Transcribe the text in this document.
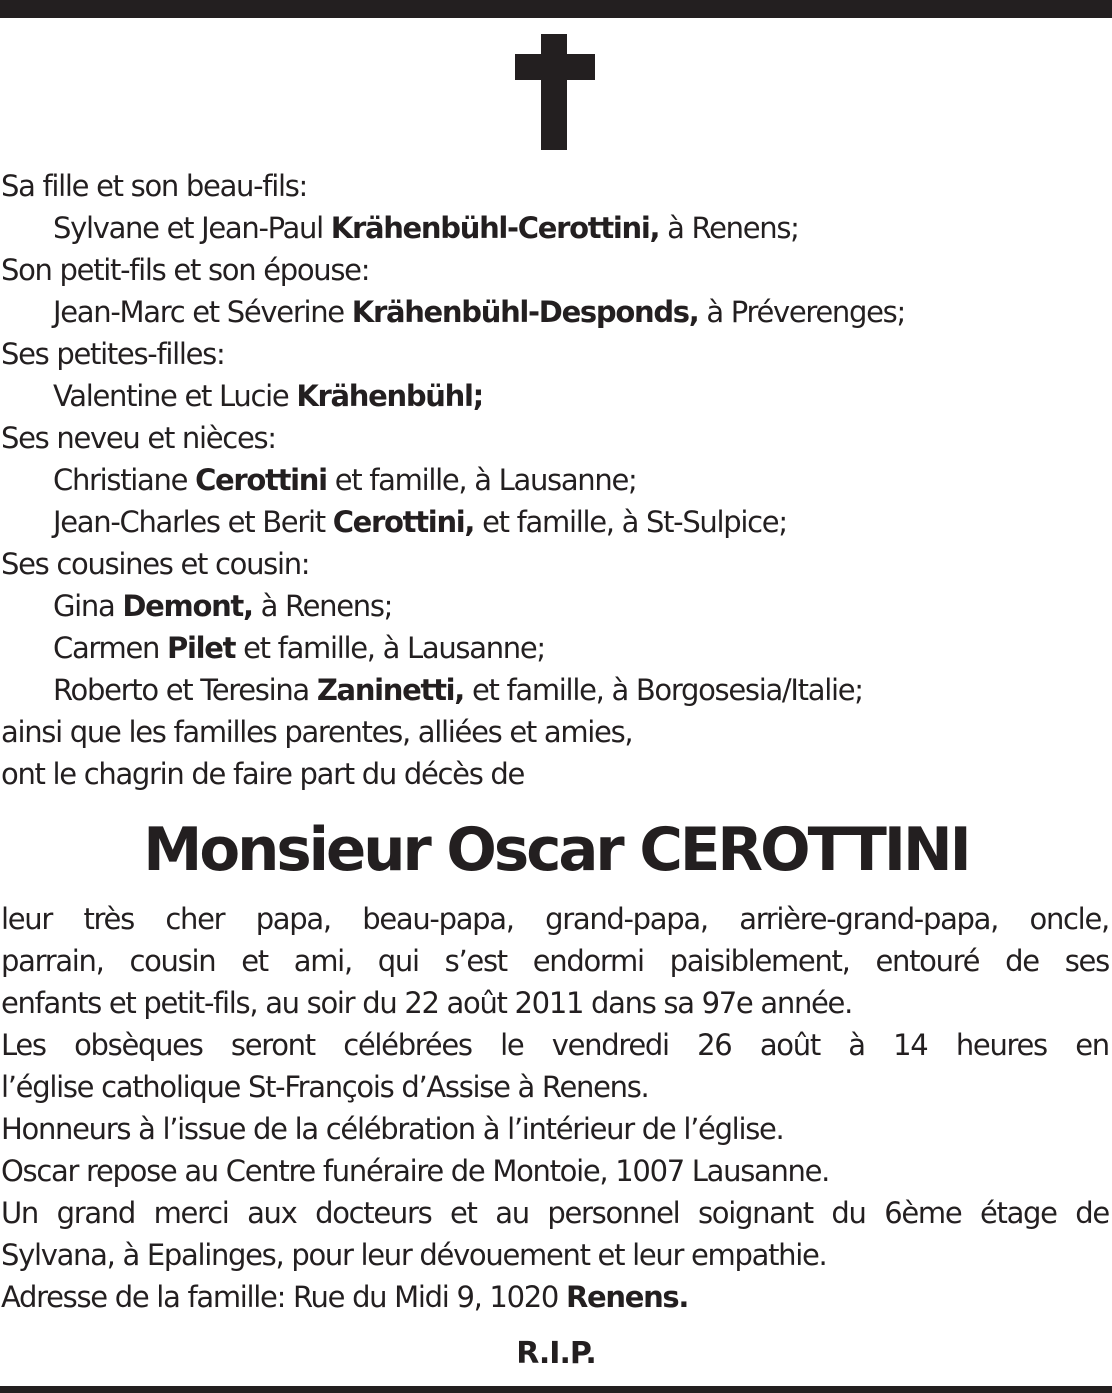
Sa fille et son beau-fils:
Sylvane et Jean-Paul Krähenbühl-Cerottini, à Renens;
Son petit-fils et son épouse:
Jean-Marc et Séverine Krähenbühl-Desponds, à Préverenges;
Ses petites-filles:
Valentine et Lucie Krähenbühl;
Ses neveu et nièces:
Christiane Cerottini et famille, à Lausanne;
Jean-Charles et Berit Cerottini, et famille, à St-Sulpice;
Ses cousines et cousin:
Gina Demont, à Renens;
Carmen Pilet et famille, à Lausanne;
Roberto et Teresina Zaninetti, et famille, à Borgosesia/Italie;
ainsi que les familles parentes, alliées et amies,
ont le chagrin de faire part du décès de
Monsieur Oscar CEROTTINI
leur très cher papa, beau-papa, grand-papa, arrière-grand-papa, oncle,
parrain, cousin et ami, qui s’est endormi paisiblement, entouré de ses
enfants et petit-fils, au soir du 22 août 2011 dans sa 97e année.
Les obsèques seront célébrées le vendredi 26 août à 14 heures en
l’église catholique St-François d’Assise à Renens.
Honneurs à l’issue de la célébration à l’intérieur de l’église.
Oscar repose au Centre funéraire de Montoie, 1007 Lausanne.
Un grand merci aux docteurs et au personnel soignant du 6ème étage de
Sylvana, à Epalinges, pour leur dévouement et leur empathie.
Adresse de la famille: Rue du Midi 9, 1020 Renens.
R.I.P.
